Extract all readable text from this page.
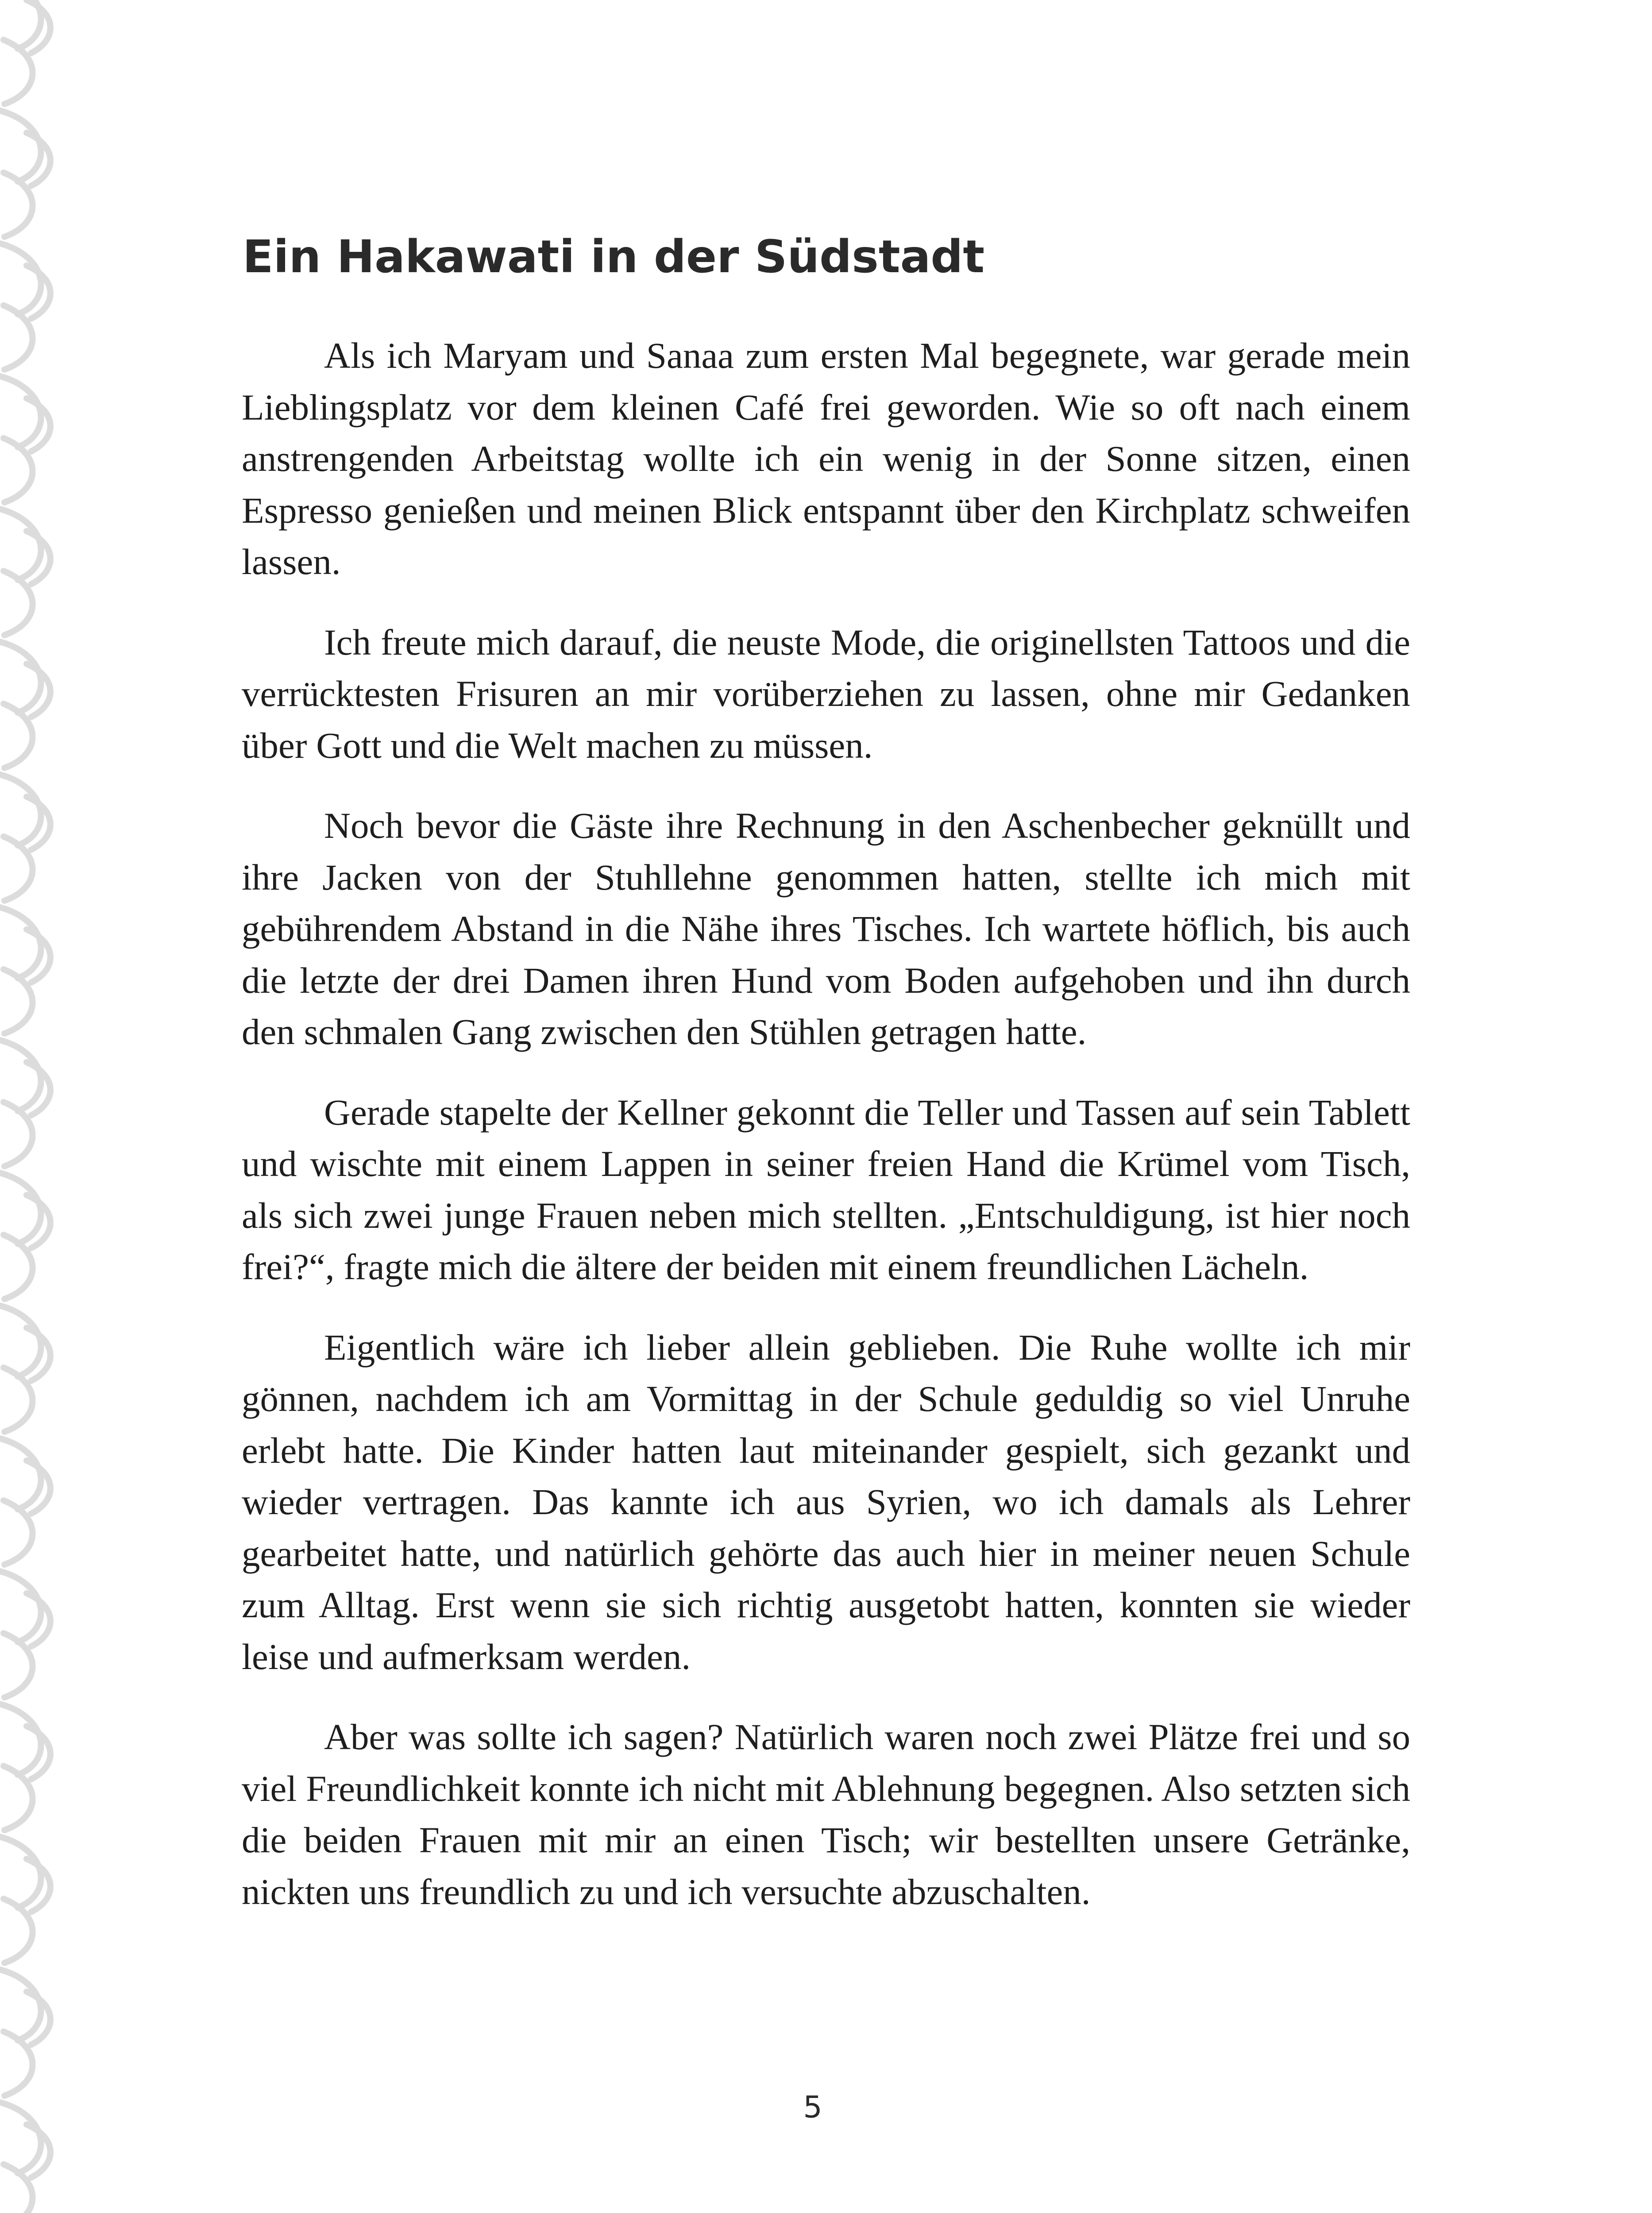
Ein Hakawati in der Südstadt

Als ich Maryam und Sanaa zum ersten Mal begegnete, war gerade mein Lieblingsplatz vor dem kleinen Café frei geworden. Wie so oft nach einem anstrengenden Arbeitstag wollte ich ein wenig in der Sonne sitzen, einen Espresso genießen und meinen Blick entspannt über den Kirchplatz schweifen lassen.

Ich freute mich darauf, die neuste Mode, die originellsten Tattoos und die verrücktesten Frisuren an mir vorüberziehen zu lassen, ohne mir Gedanken über Gott und die Welt machen zu müssen.

Noch bevor die Gäste ihre Rechnung in den Aschenbecher geknüllt und ihre Jacken von der Stuhllehne genommen hatten, stellte ich mich mit gebührendem Abstand in die Nähe ihres Tisches. Ich wartete höflich, bis auch die letzte der drei Damen ihren Hund vom Boden aufgehoben und ihn durch den schmalen Gang zwischen den Stühlen getragen hatte.

Gerade stapelte der Kellner gekonnt die Teller und Tassen auf sein Tablett und wischte mit einem Lappen in seiner freien Hand die Krümel vom Tisch, als sich zwei junge Frauen neben mich stellten. „Entschuldigung, ist hier noch frei?“, fragte mich die ältere der beiden mit einem freundlichen Lächeln.

Eigentlich wäre ich lieber allein geblieben. Die Ruhe wollte ich mir gönnen, nachdem ich am Vormittag in der Schule geduldig so viel Unruhe erlebt hatte. Die Kinder hatten laut miteinander gespielt, sich gezankt und wieder vertragen. Das kannte ich aus Syrien, wo ich damals als Lehrer gearbeitet hatte, und natürlich gehörte das auch hier in meiner neuen Schule zum Alltag. Erst wenn sie sich richtig ausgetobt hatten, konnten sie wieder leise und aufmerksam werden.

Aber was sollte ich sagen? Natürlich waren noch zwei Plätze frei und so viel Freundlichkeit konnte ich nicht mit Ablehnung begegnen. Also setzten sich die beiden Frauen mit mir an einen Tisch; wir bestellten unsere Getränke, nickten uns freundlich zu und ich versuchte abzuschalten.

5
